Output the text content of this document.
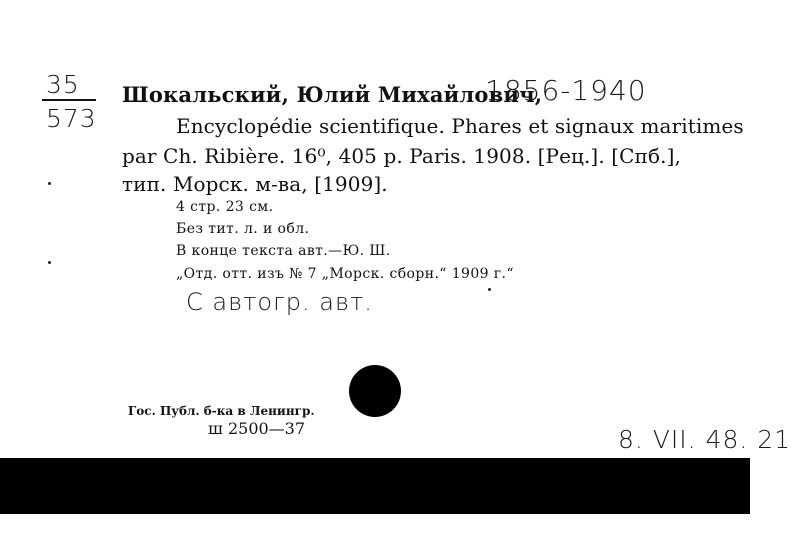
35
573
Шокальский, Юлий Михайлович,
1856-1940
Encyclopédie scientifique. Phares et signaux maritimes
par Ch. Ribière. 16⁰, 405 p. Paris. 1908. [Рец.]. [Спб.],
тип. Морск. м-ва, [1909].
4 стр. 23 см.
Без тит. л. и обл.
В конце текста авт.—Ю. Ш.
„Отд. отт. изъ № 7 „Морск. сборн.“ 1909 г.“
С автогр. авт.
Гос. Публ. б-ка в Ленингр.
ш 2500—37	8. VII. 48. 21
